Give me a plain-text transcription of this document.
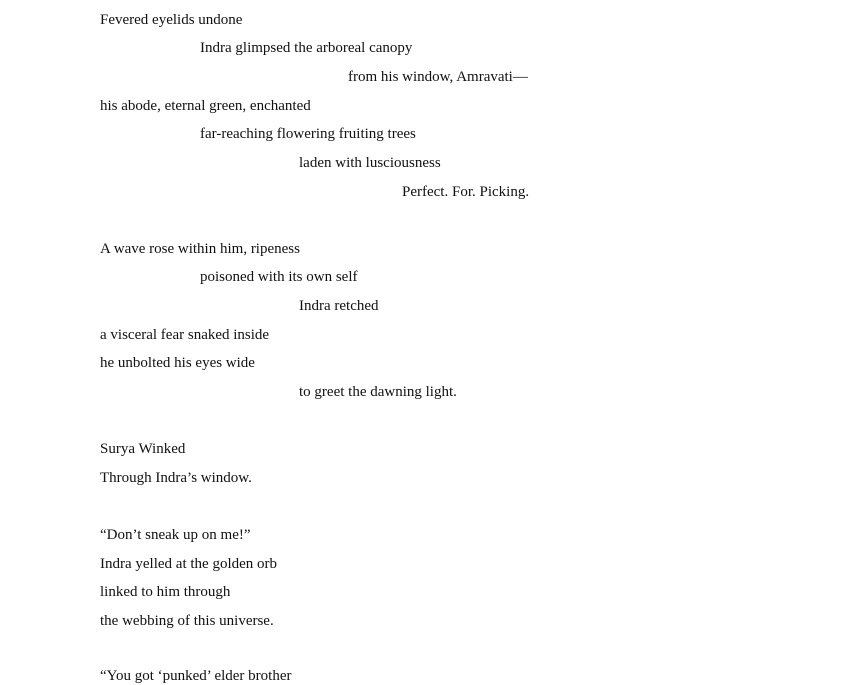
Fevered eyelids undone
Indra glimpsed the arboreal canopy
from his window, Amravati—
his abode, eternal green, enchanted
far-reaching flowering fruiting trees
laden with lusciousness
Perfect. For. Picking.
A wave rose within him, ripeness
poisoned with its own self
Indra retched
a visceral fear snaked inside
he unbolted his eyes wide
to greet the dawning light.
Surya Winked
Through Indra’s window.
“Don’t sneak up on me!”
Indra yelled at the golden orb
linked to him through
the webbing of this universe.
“You got ‘punked’ elder brother
